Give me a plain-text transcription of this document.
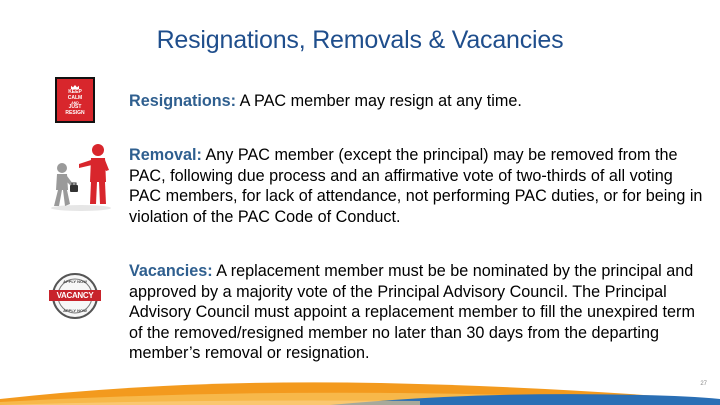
Resignations, Removals & Vacancies
KEEP
CALM
AND
JUST
RESIGN
Resignations: A PAC member may resign at any time.
Removal: Any PAC member (except the principal) may be removed from the PAC, following due process and an affirmative vote of two-thirds of all voting PAC members, for lack of attendance, not performing PAC duties, or for being in violation of the PAC Code of Conduct.
APPLY NOW
VACANCY
APPLY NOW
Vacancies: A replacement member must be be nominated by the principal and approved by a majority vote of the Principal Advisory Council. The Principal Advisory Council must appoint a replacement member to fill the unexpired term of the removed/resigned member no later than 30 days from the departing member’s removal or resignation.
27
